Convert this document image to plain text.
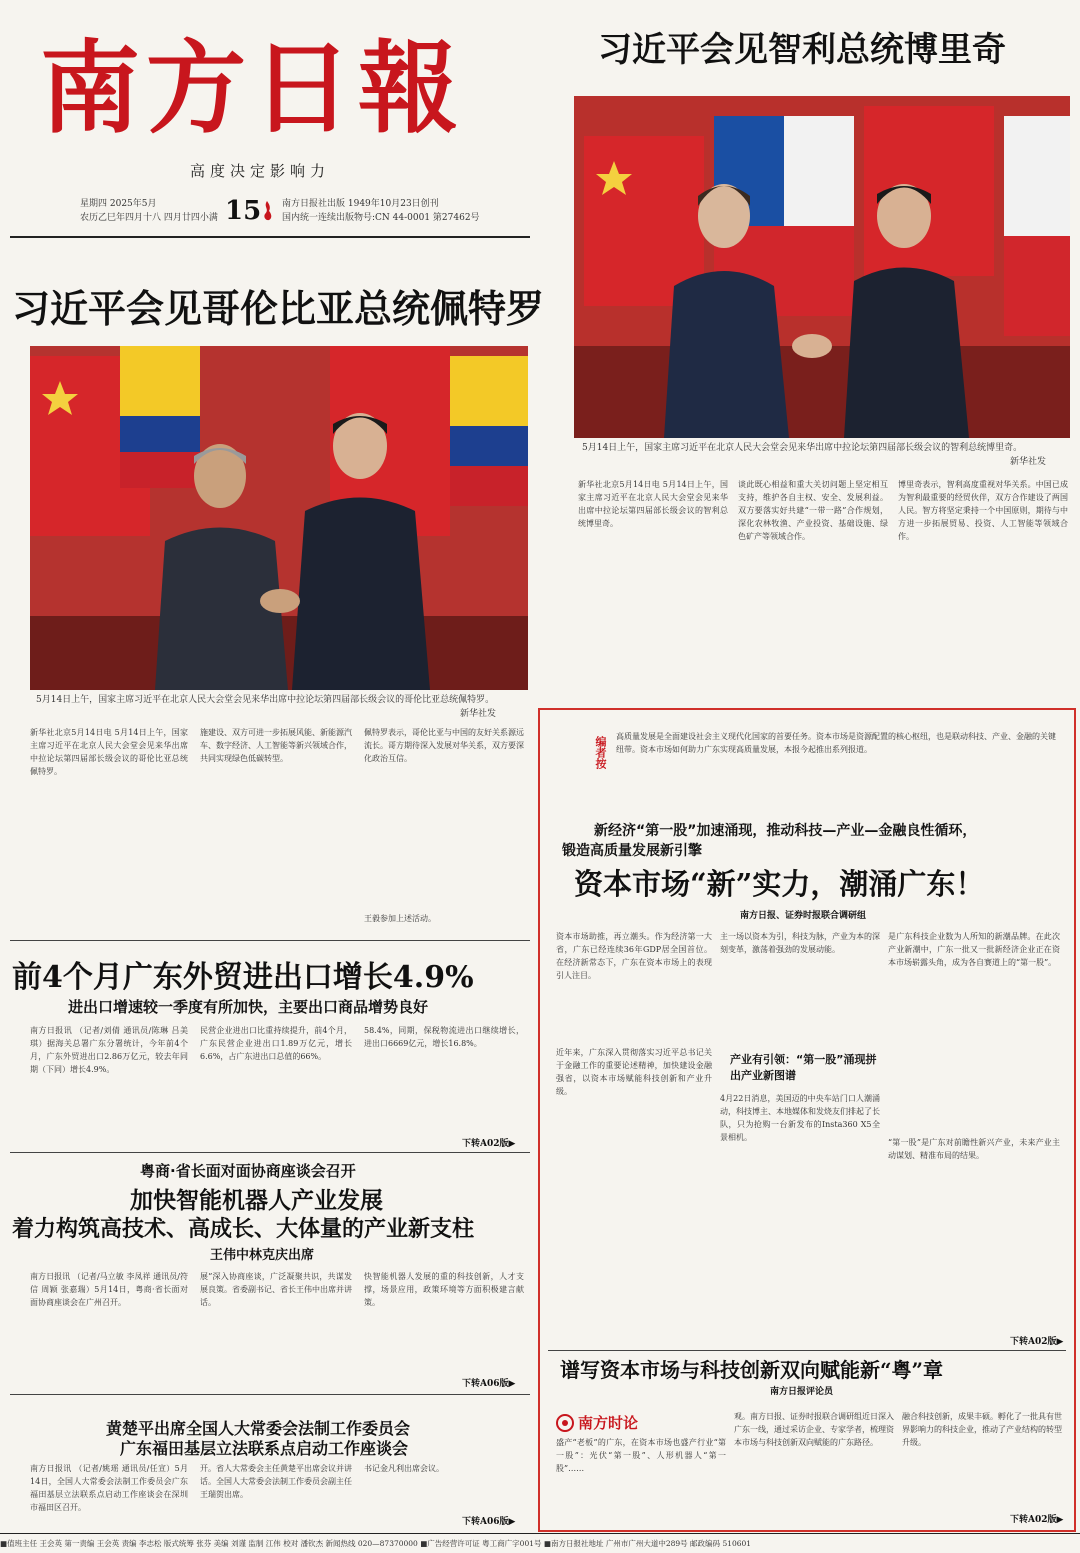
南方日報
高度决定影响力
星期四 2025年5月
农历乙巳年四月十八 四月廿四小满 15 南方日报社出版 1949年10月23日创刊
国内统一连续出版物号:CN 44-0001 第27462号
习近平会见智利总统博里奇
5月14日上午，国家主席习近平在北京人民大会堂会见来华出席中拉论坛第四届部长级会议的智利总统博里奇。
新华社发
新华社北京5月14日电 5月14日上午，国家主席习近平在北京人民大会堂会见来华出席中拉论坛第四届部长级会议的智利总统博里奇。
谈此既心相益和重大关切问题上坚定相互支持，维护各自主权、安全、发展利益。双方要落实好共建“一带一路”合作规划，深化农林牧渔、产业投资、基础设施、绿色矿产等领域合作。
博里奇表示，智利高度重视对华关系。中国已成为智利最重要的经贸伙伴，双方合作建设了两国人民。智方将坚定秉持一个中国原则，期待与中方进一步拓展贸易、投资、人工智能等领域合作。
习近平会见哥伦比亚总统佩特罗
5月14日上午，国家主席习近平在北京人民大会堂会见来华出席中拉论坛第四届部长级会议的哥伦比亚总统佩特罗。
新华社发
新华社北京5月14日电 5月14日上午，国家主席习近平在北京人民大会堂会见来华出席中拉论坛第四届部长级会议的哥伦比亚总统佩特罗。
施建设、双方可进一步拓展风能、新能源汽车、数字经济、人工智能等新兴领域合作，共同实现绿色低碳转型。
佩特罗表示，哥伦比亚与中国的友好关系源远流长。哥方期待深入发展对华关系，双方要深化政治互信。
王毅参加上述活动。
前4个月广东外贸进出口增长4.9%
进出口增速较一季度有所加快，主要出口商品增势良好
南方日报讯 （记者/刘倩 通讯员/陈琳 吕美琪）据海关总署广东分署统计，今年前4个月，广东外贸进出口2.86万亿元，较去年同期（下同）增长4.9%。
民营企业进出口比重持续提升，前4个月，广东民营企业进出口1.89万亿元，增长6.6%，占广东进出口总值的66%。
58.4%，同期，保税物流进出口继续增长，进出口6669亿元，增长16.8%。
下转A02版▶
粤商·省长面对面协商座谈会召开
加快智能机器人产业发展
着力构筑高技术、高成长、大体量的产业新支柱
王伟中林克庆出席
南方日报讯 （记者/马立敏 李凤祥 通讯员/符信 周颖 张嘉瑞）5月14日，粤商·省长面对面协商座谈会在广州召开。
展”深入协商座谈，广泛凝聚共识，共谋发展良策。省委副书记、省长王伟中出席并讲话。
快智能机器人发展的重的科技创新，人才支撑，场景应用，政策环境等方面积极建言献策。
下转A06版▶
黄楚平出席全国人大常委会法制工作委员会
广东福田基层立法联系点启动工作座谈会
南方日报讯 （记者/姚瑶 通讯员/任宣）5月14日，全国人大常委会法制工作委员会广东福田基层立法联系点启动工作座谈会在深圳市福田区召开。
开。省人大常委会主任黄楚平出席会议并讲话。全国人大常委会法制工作委员会副主任王瑞贺出席。
书记金凡利出席会议。
下转A06版▶
编者按 高质量发展是全面建设社会主义现代化国家的首要任务。资本市场是资源配置的核心枢纽，也是联动科技、产业、金融的关键纽带。资本市场如何助力广东实现高质量发展，本报今起推出系列报道。
新经济“第一股”加速涌现，推动科技—产业—金融良性循环，
锻造高质量发展新引擎
资本市场“新”实力，潮涌广东！
南方日报、证券时报联合调研组
资本市场助推，再立潮头。作为经济第一大省，广东已经连续36年GDP居全国首位。在经济新常态下，广东在资本市场上的表现引人注目。
近年来，广东深入贯彻落实习近平总书记关于金融工作的重要论述精神，加快建设金融强省，以资本市场赋能科技创新和产业升级。
主一场以资本为引，科技为脉，产业为本的深刻变革，激荡着强劲的发展动能。
产业有引领：“第一股”涌现拼出产业新图谱
4月22日消息，美国迈的中央车站门口人潮涌动，科技博主、本地媒体和发烧友们排起了长队，只为抢购一台新发布的Insta360 X5全景相机。
是广东科技企业数为人所知的新潮品牌。在此次产业新潮中，广东一批又一批新经济企业正在资本市场崭露头角，成为各自赛道上的“第一股”。
“第一股”是广东对前瞻性新兴产业，未来产业主动谋划、精准布局的结果。
下转A02版▶
谱写资本市场与科技创新双向赋能新“粤”章
南方日报评论员
南方时论
盛产“老板”的广东，在资本市场也盛产行业“第一股”：光伏“第一股”、人形机器人“第一股”……
观。南方日报、证券时报联合调研组近日深入广东一线，通过采访企业、专家学者，梳理资本市场与科技创新双向赋能的广东路径。
融合科技创新，成果丰硕。孵化了一批具有世界影响力的科技企业，推动了产业结构的转型升级。
下转A02版▶
■值班主任 王会英 第一责编 王会英 责编 李志松 版式统筹 张芬 美编 刘谨 监制 江伟 校对 潘钦杰 新闻热线 020—87370000 ■广告经营许可证 粤工商广字001号 ■南方日报社地址 广州市广州大道中289号 邮政编码 510601
